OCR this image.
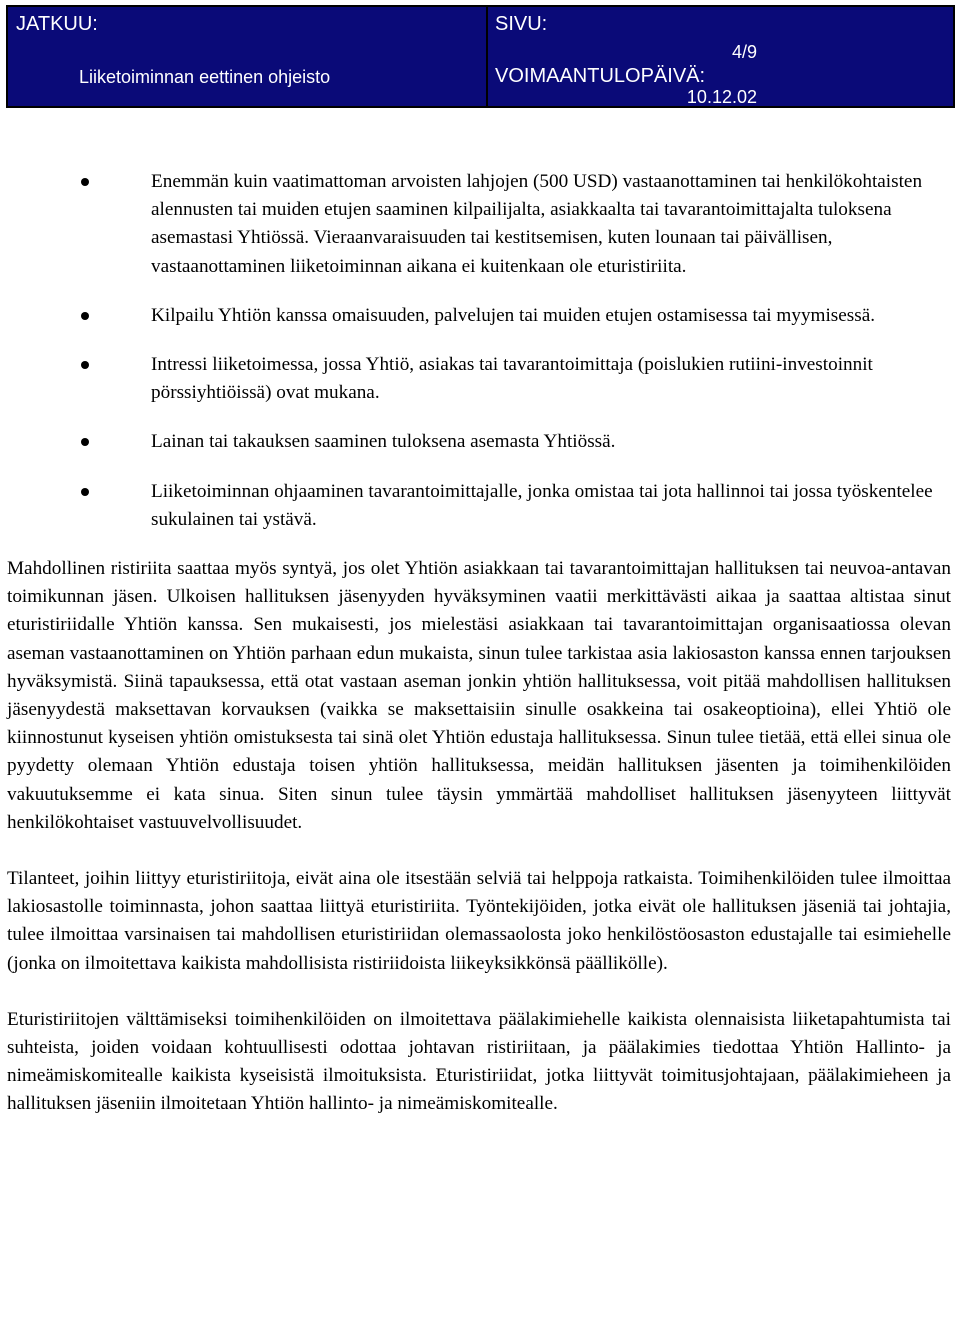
JATKUU:
Liiketoiminnan eettinen ohjeisto
SIVU:
4/9
VOIMAANTULOPÄIVÄ:
10.12.02
Enemmän kuin vaatimattoman arvoisten lahjojen (500 USD) vastaanottaminen tai henkilökohtaisten alennusten tai muiden etujen saaminen kilpailijalta, asiakkaalta tai tavarantoimittajalta tuloksena asemastasi Yhtiössä. Vieraanvaraisuuden tai kestitsemisen, kuten lounaan tai päivällisen, vastaanottaminen liiketoiminnan aikana ei kuitenkaan ole eturistiriita.
Kilpailu Yhtiön kanssa omaisuuden, palvelujen tai muiden etujen ostamisessa tai myymisessä.
Intressi liiketoimessa, jossa Yhtiö, asiakas tai tavarantoimittaja (poislukien rutiini-investoinnit pörssiyhtiöissä) ovat mukana.
Lainan tai takauksen saaminen tuloksena asemasta Yhtiössä.
Liiketoiminnan ohjaaminen tavarantoimittajalle, jonka omistaa tai jota hallinnoi tai jossa työskentelee sukulainen tai ystävä.

Mahdollinen ristiriita saattaa myös syntyä, jos olet Yhtiön asiakkaan tai tavarantoimittajan hallituksen tai neuvoa-antavan toimikunnan jäsen. Ulkoisen hallituksen jäsenyyden hyväksyminen vaatii merkittävästi aikaa ja saattaa altistaa sinut eturistiriidalle Yhtiön kanssa. Sen mukaisesti, jos mielestäsi asiakkaan tai tavarantoimittajan organisaatiossa olevan aseman vastaanottaminen on Yhtiön parhaan edun mukaista, sinun tulee tarkistaa asia lakiosaston kanssa ennen tarjouksen hyväksymistä. Siinä tapauksessa, että otat vastaan aseman jonkin yhtiön hallituksessa, voit pitää mahdollisen hallituksen jäsenyydestä maksettavan korvauksen (vaikka se maksettaisiin sinulle osakkeina tai osakeoptioina), ellei Yhtiö ole kiinnostunut kyseisen yhtiön omistuksesta tai sinä olet Yhtiön edustaja hallituksessa. Sinun tulee tietää, että ellei sinua ole pyydetty olemaan Yhtiön edustaja toisen yhtiön hallituksessa, meidän hallituksen jäsenten ja toimihenkilöiden vakuutuksemme ei kata sinua. Siten sinun tulee täysin ymmärtää mahdolliset hallituksen jäsenyyteen liittyvät henkilökohtaiset vastuuvelvollisuudet.

Tilanteet, joihin liittyy eturistiriitoja, eivät aina ole itsestään selviä tai helppoja ratkaista. Toimihenkilöiden tulee ilmoittaa lakiosastolle toiminnasta, johon saattaa liittyä eturistiriita. Työntekijöiden, jotka eivät ole hallituksen jäseniä tai johtajia, tulee ilmoittaa varsinaisen tai mahdollisen eturistiriidan olemassaolosta joko henkilöstöosaston edustajalle tai esimiehelle (jonka on ilmoitettava kaikista mahdollisista ristiriidoista liikeyksikkönsä päällikölle).

Eturistiriitojen välttämiseksi toimihenkilöiden on ilmoitettava päälakimiehelle kaikista olennaisista liiketapahtumista tai suhteista, joiden voidaan kohtuullisesti odottaa johtavan ristiriitaan, ja päälakimies tiedottaa Yhtiön Hallinto- ja nimeämiskomitealle kaikista kyseisistä ilmoituksista. Eturistiriidat, jotka liittyvät toimitusjohtajaan, päälakimieheen ja hallituksen jäseniin ilmoitetaan Yhtiön hallinto- ja nimeämiskomitealle.
